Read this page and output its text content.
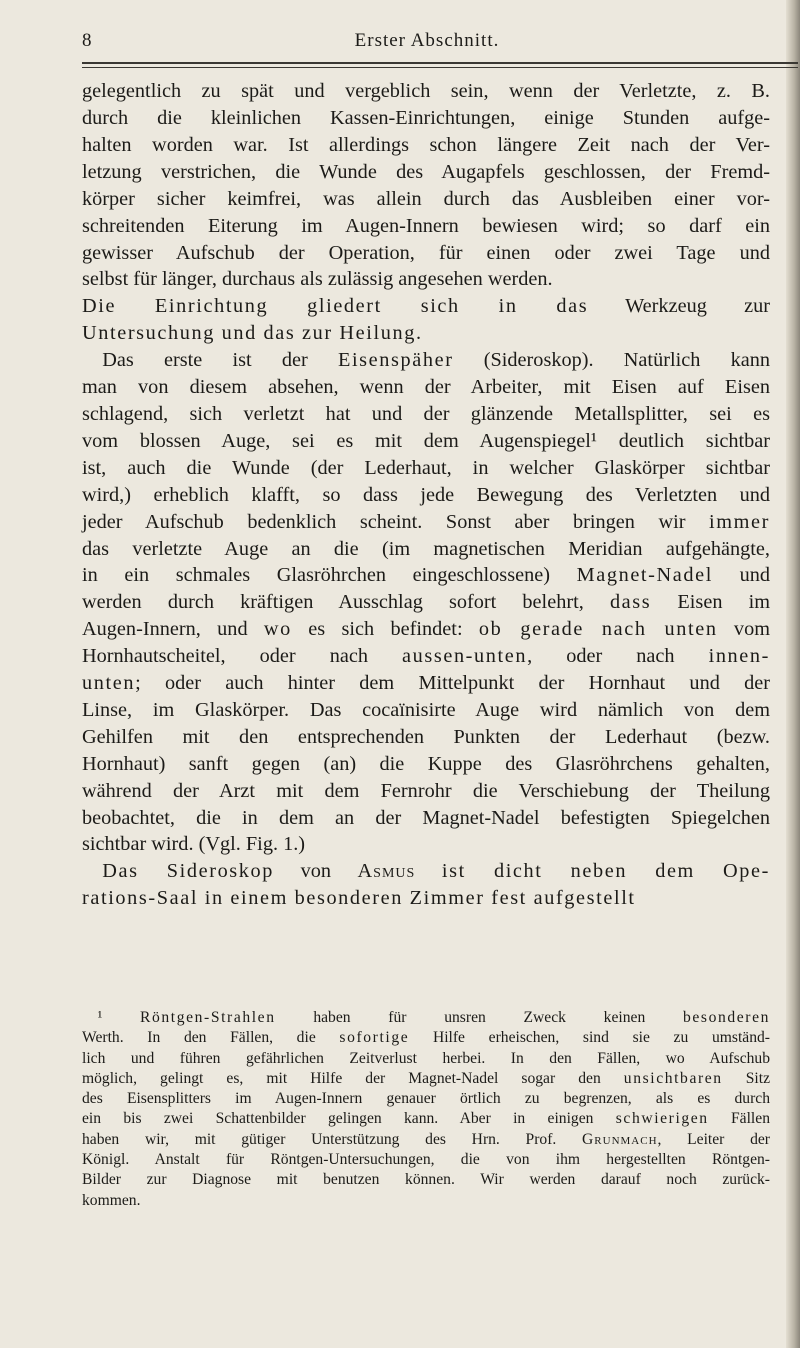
8	Erster Abschnitt.
gelegentlich zu spät und vergeblich sein, wenn der Verletzte, z. B.
durch die kleinlichen Kassen-Einrichtungen, einige Stunden aufge-
halten worden war. Ist allerdings schon längere Zeit nach der Ver-
letzung verstrichen, die Wunde des Augapfels geschlossen, der Fremd-
körper sicher keimfrei, was allein durch das Ausbleiben einer vor-
schreitenden Eiterung im Augen-Innern bewiesen wird; so darf ein
gewisser Aufschub der Operation, für einen oder zwei Tage und
selbst für länger, durchaus als zulässig angesehen werden.
Die Einrichtung gliedert sich in das Werkzeug zur
Untersuchung und das zur Heilung.
 Das erste ist der Eisenspäher (Sideroskop). Natürlich kann
man von diesem absehen, wenn der Arbeiter, mit Eisen auf Eisen
schlagend, sich verletzt hat und der glänzende Metallsplitter, sei es
vom blossen Auge, sei es mit dem Augenspiegel¹ deutlich sichtbar
ist, auch die Wunde (der Lederhaut, in welcher Glaskörper sichtbar
wird,) erheblich klafft, so dass jede Bewegung des Verletzten und
jeder Aufschub bedenklich scheint. Sonst aber bringen wir immer
das verletzte Auge an die (im magnetischen Meridian aufgehängte,
in ein schmales Glasröhrchen eingeschlossene) Magnet-Nadel und
werden durch kräftigen Ausschlag sofort belehrt, dass Eisen im
Augen-Innern, und wo es sich befindet: ob gerade nach unten vom
Hornhautscheitel, oder nach aussen-unten, oder nach innen-
unten; oder auch hinter dem Mittelpunkt der Hornhaut und der
Linse, im Glaskörper. Das cocaïnisirte Auge wird nämlich von dem
Gehilfen mit den entsprechenden Punkten der Lederhaut (bezw.
Hornhaut) sanft gegen (an) die Kuppe des Glasröhrchens gehalten,
während der Arzt mit dem Fernrohr die Verschiebung der Theilung
beobachtet, die in dem an der Magnet-Nadel befestigten Spiegelchen
sichtbar wird. (Vgl. Fig. 1.)
 Das Sideroskop von Asmus ist dicht neben dem Ope-
rations-Saal in einem besonderen Zimmer fest aufgestellt
 ¹ Röntgen-Strahlen haben für unsren Zweck keinen besonderen
Werth. In den Fällen, die sofortige Hilfe erheischen, sind sie zu umständ-
lich und führen gefährlichen Zeitverlust herbei. In den Fällen, wo Aufschub
möglich, gelingt es, mit Hilfe der Magnet-Nadel sogar den unsichtbaren Sitz
des Eisensplitters im Augen-Innern genauer örtlich zu begrenzen, als es durch
ein bis zwei Schattenbilder gelingen kann. Aber in einigen schwierigen Fällen
haben wir, mit gütiger Unterstützung des Hrn. Prof. Grunmach, Leiter der
Königl. Anstalt für Röntgen-Untersuchungen, die von ihm hergestellten Röntgen-
Bilder zur Diagnose mit benutzen können. Wir werden darauf noch zurück-
kommen.
